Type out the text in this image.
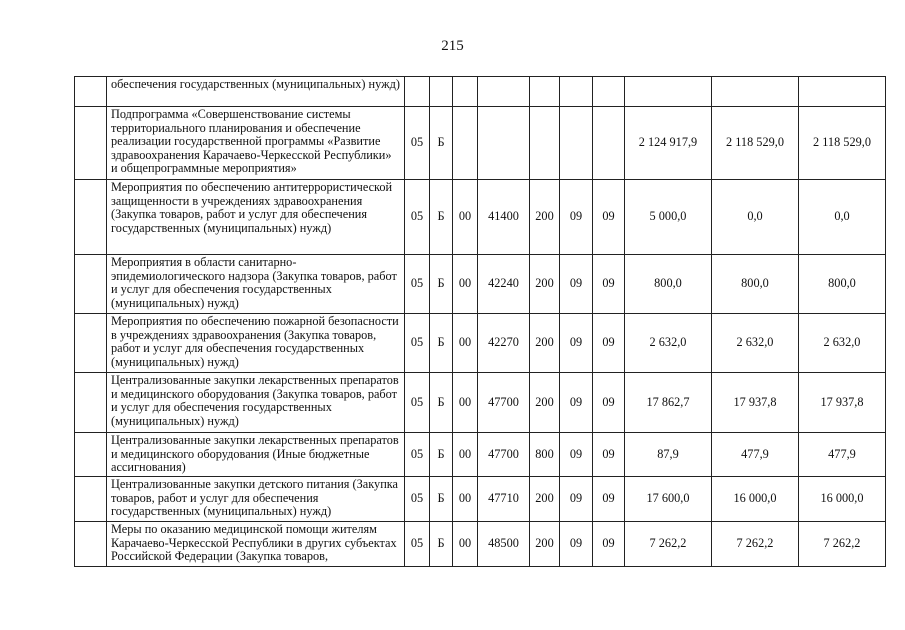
215
	обеспечения государственных (муниципальных) нужд)										
	Подпрограмма «Совершенствование системы территориального планирования и обеспечение реализации государственной программы «Развитие здравоохранения Карачаево-Черкесской Республики» и общепрограммные мероприятия»	05	Б						2 124 917,9	2 118 529,0	2 118 529,0
	Мероприятия по обеспечению антитеррористической защищенности в учреждениях здравоохранения (Закупка товаров, работ и услуг для обеспечения государственных (муниципальных) нужд)	05	Б	00	41400	200	09	09	5 000,0	0,0	0,0
	Мероприятия в области санитарно-эпидемиологического надзора (Закупка товаров, работ и услуг для обеспечения государственных (муниципальных) нужд)	05	Б	00	42240	200	09	09	800,0	800,0	800,0
	Мероприятия по обеспечению пожарной безопасности в учреждениях здравоохранения (Закупка товаров, работ и услуг для обеспечения государственных (муниципальных) нужд)	05	Б	00	42270	200	09	09	2 632,0	2 632,0	2 632,0
	Централизованные закупки лекарственных препаратов и медицинского оборудования (Закупка товаров, работ и услуг для обеспечения государственных (муниципальных) нужд)	05	Б	00	47700	200	09	09	17 862,7	17 937,8	17 937,8
	Централизованные закупки лекарственных препаратов и медицинского оборудования (Иные бюджетные ассигнования)	05	Б	00	47700	800	09	09	87,9	477,9	477,9
	Централизованные закупки детского питания (Закупка товаров, работ и услуг для обеспечения государственных (муниципальных) нужд)	05	Б	00	47710	200	09	09	17 600,0	16 000,0	16 000,0
	Меры по оказанию медицинской помощи жителям Карачаево-Черкесской Республики в других субъектах Российской Федерации (Закупка товаров,	05	Б	00	48500	200	09	09	7 262,2	7 262,2	7 262,2
